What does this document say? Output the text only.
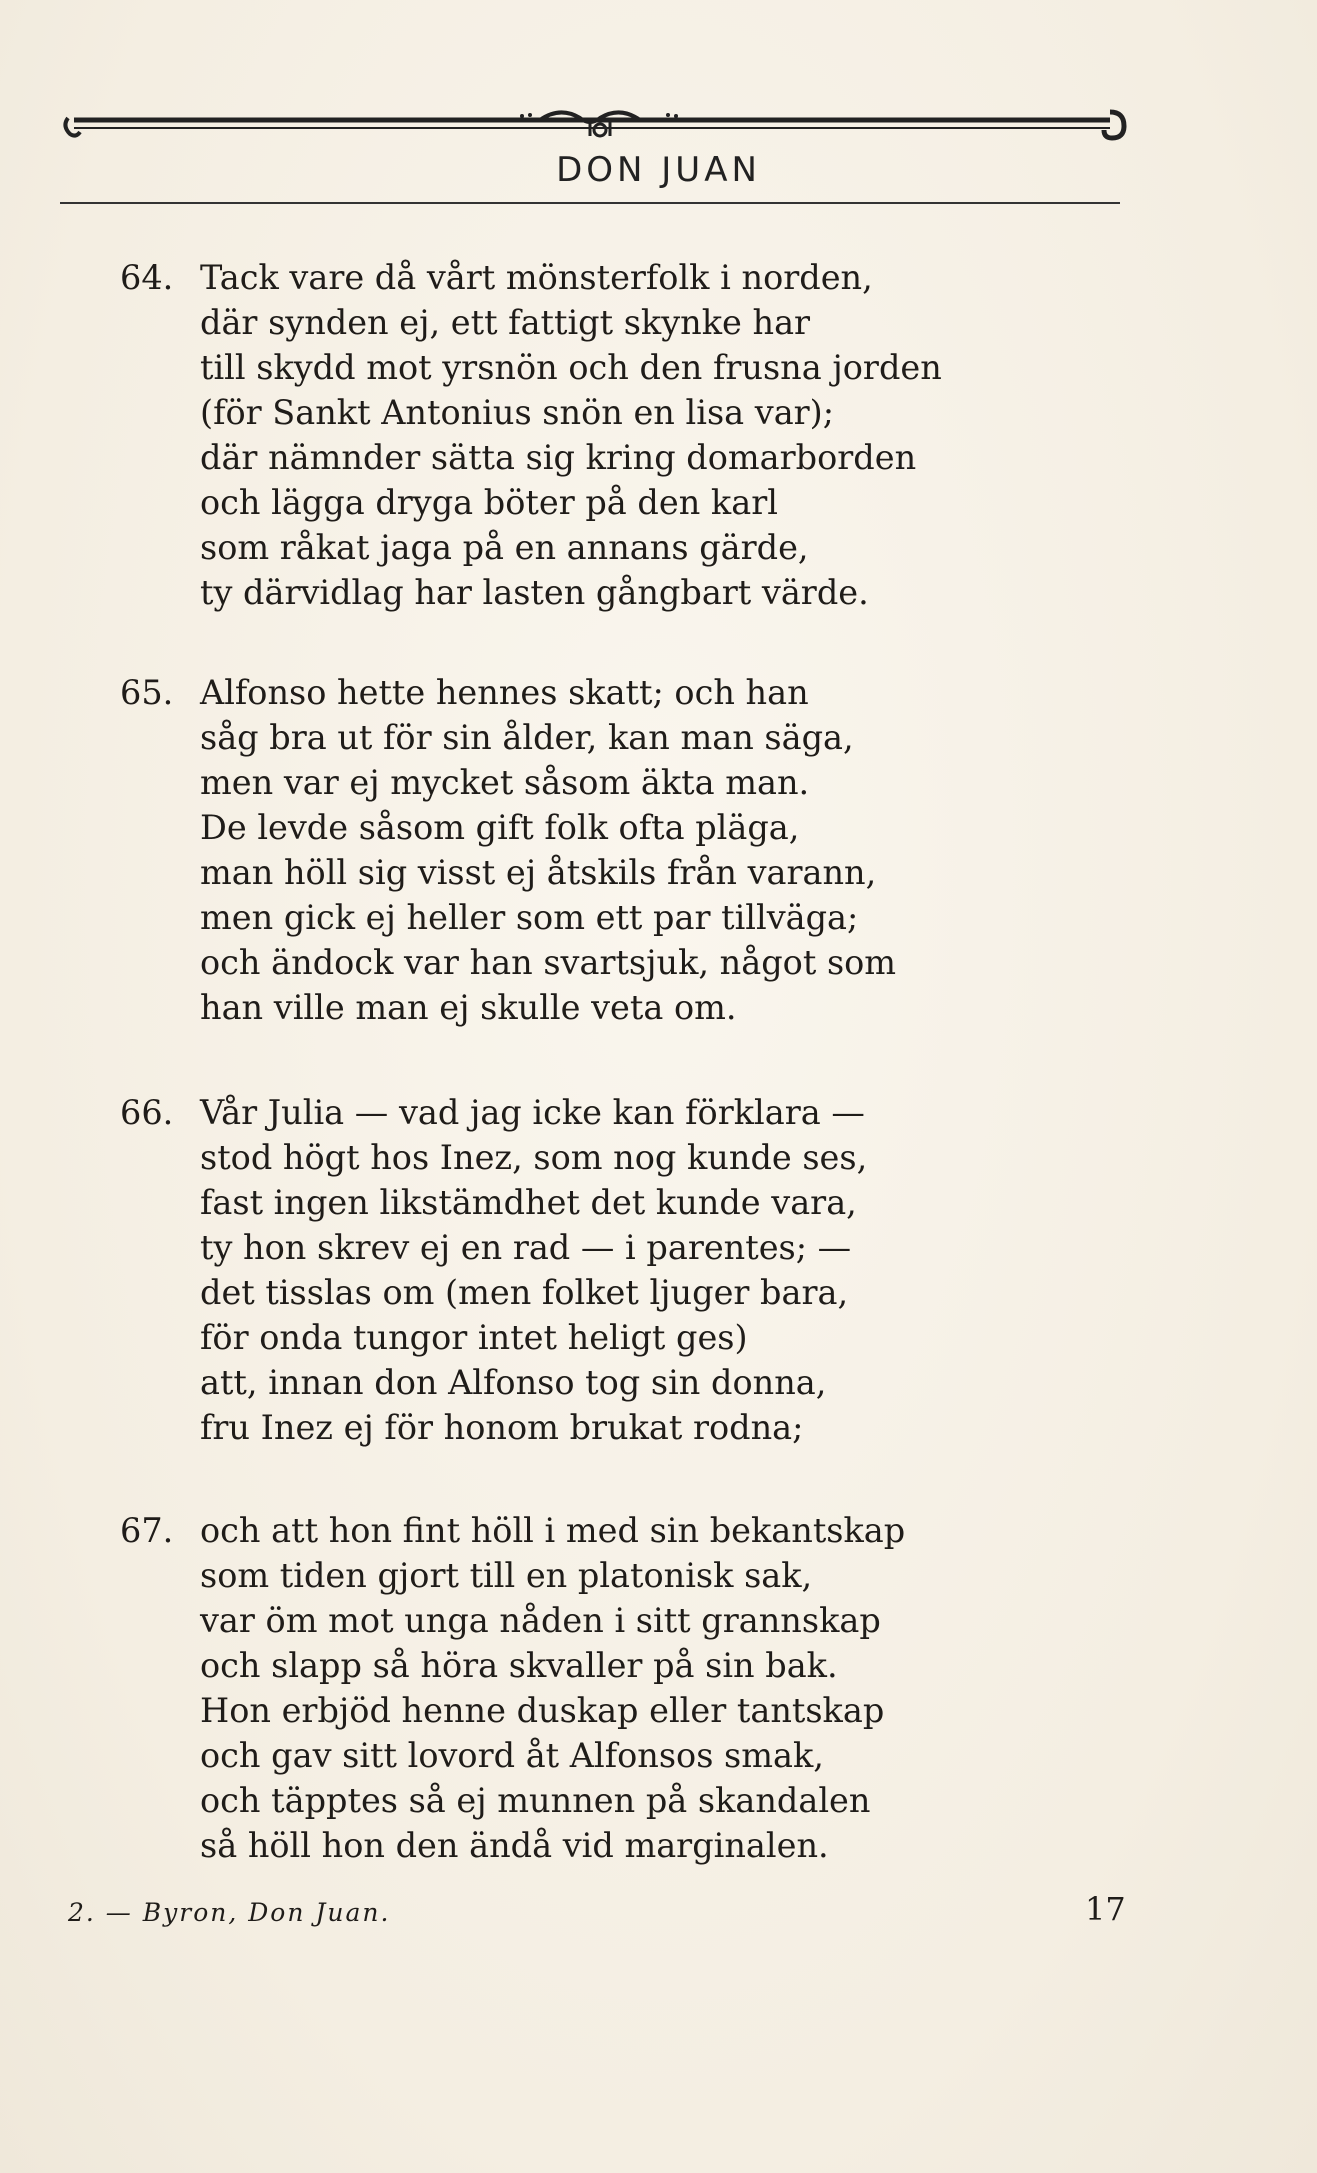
DON JUAN
64. Tack vare då vårt mönsterfolk i norden,
där synden ej, ett fattigt skynke har
till skydd mot yrsnön och den frusna jorden
(för Sankt Antonius snön en lisa var);
där nämnder sätta sig kring domarborden
och lägga dryga böter på den karl
som råkat jaga på en annans gärde,
ty därvidlag har lasten gångbart värde.
65. Alfonso hette hennes skatt; och han
såg bra ut för sin ålder, kan man säga,
men var ej mycket såsom äkta man.
De levde såsom gift folk ofta pläga,
man höll sig visst ej åtskils från varann,
men gick ej heller som ett par tillväga;
och ändock var han svartsjuk, något som
han ville man ej skulle veta om.
66. Vår Julia — vad jag icke kan förklara —
stod högt hos Inez, som nog kunde ses,
fast ingen likstämdhet det kunde vara,
ty hon skrev ej en rad — i parentes; —
det tisslas om (men folket ljuger bara,
för onda tungor intet heligt ges)
att, innan don Alfonso tog sin donna,
fru Inez ej för honom brukat rodna;
67. och att hon fint höll i med sin bekantskap
som tiden gjort till en platonisk sak,
var öm mot unga nåden i sitt grannskap
och slapp så höra skvaller på sin bak.
Hon erbjöd henne duskap eller tantskap
och gav sitt lovord åt Alfonsos smak,
och täpptes så ej munnen på skandalen
så höll hon den ändå vid marginalen.
2. — Byron, Don Juan.	17
